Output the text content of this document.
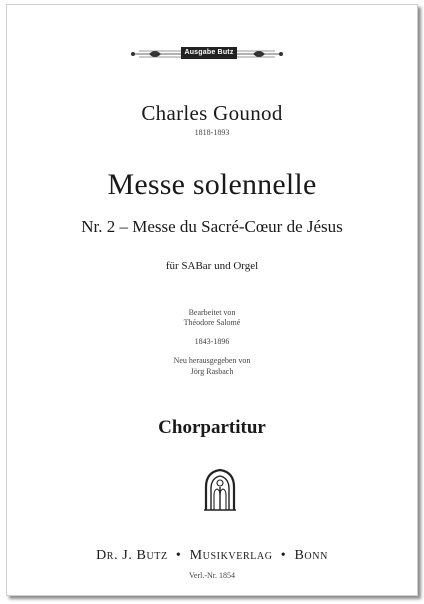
Ausgabe Butz
Charles Gounod
1818-1893
Messe solennelle
Nr. 2 – Messe du Sacré-Cœur de Jésus
für SABar und Orgel
Bearbeitet von
Théodore Salomé
1843-1896
Neu herausgegeben von
Jörg Rasbach
Chorpartitur
Dr. J. Butz • Musikverlag • Bonn
Verl.-Nr. 1854
